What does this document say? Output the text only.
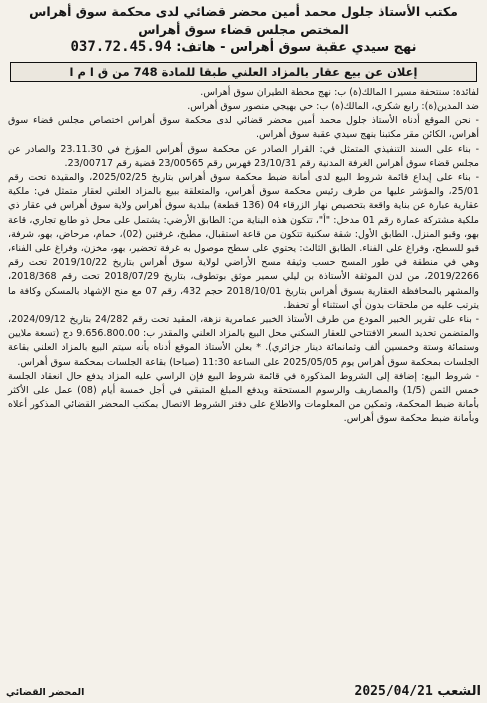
مكتب الأستاذ جلول محمد أمين محضر قضائي لدى محكمة سوق أهراس
المختص مجلس قضاء سوق أهراس
نهج سيدي عقبة سوق أهراس - هاتف: 037.72.45.94
إعلان عن بيع عقار بالمزاد العلني طبقا للمادة 748 من ق ا م ا

لفائدة: سنتحفة مسير ا المالك(ة) ب: نهج محطة الطيران سوق أهراس.

ضد المدين(ة): رابع شكري، المالك(ة) ب: حي بهيجي منصور سوق أهراس.

- نحن الموقع أدناه الأستاذ جلول محمد أمين محضر قضائي لدى محكمة سوق أهراس اختصاص مجلس قضاء سوق أهراس، الكائن مقر مكتبنا بنهج سيدي عقبة سوق أهراس.

- بناء على السند التنفيذي المتمثل في: القرار الصادر عن محكمة سوق أهراس المؤرخ في 23.11.30 والصادر عن مجلس قضاء سوق أهراس الغرفة المدنية رقم 23/10/31 فهرس رقم 23/00565 قضية رقم 23/00717.

- بناء على إيداع قائمة شروط البيع لدى أمانة ضبط محكمة سوق أهراس بتاريخ 2025/02/25، والمقيدة تحت رقم 25/01، والمؤشر عليها من طرف رئيس محكمة سوق أهراس، والمتعلقة ببيع بالمزاد العلني لعقار متمثل في: ملكية عقارية عبارة عن بناية واقعة بتحصيص نهار الزرقاء 04 (136 قطعة) ببلدية سوق أهراس ولاية سوق أهراس في عقار ذي ملكية مشتركة عمارة رقم 01 مدخل: "أ"، تتكون هذه البناية من: الطابق الأرضي: يشتمل على محل ذو طابع تجاري، قاعة بهو، وقبو المنزل. الطابق الأول: شقة سكنية تتكون من قاعة استقبال، مطبخ، غرفتين (02)، حمام، مرحاض، بهو، شرفة، قبو للسطح، وفراغ على الفناء. الطابق الثالث: يحتوي على سطح موصول به غرفة تحضير، بهو، مخزن، وفراغ على الفناء، وهي في منطقة في طور المسح حسب وثيقة مسح الأراضي لولاية سوق أهراس بتاريخ 2019/10/22 تحت رقم 2019/2266، من لدن الموثقة الأستاذة بن ليلي سمير موثق بوتطوف، بتاريخ 2018/07/29 تحت رقم 2018/368، والمشهر بالمحافظة العقارية بسوق أهراس بتاريخ 2018/10/01 حجم 432، رقم 07 مع منح الإشهاد بالمسكن وكافة ما يترتب عليه من ملحقات بدون أي استثناء أو تحفظ.

- بناء على تقرير الخبير المودع من طرف الأستاذ الخبير عمامرية نزهة، المقيد تحت رقم 24/282 بتاريخ 2024/09/12، والمتضمن تحديد السعر الافتتاحي للعقار السكني محل البيع بالمزاد العلني والمقدر ب: 9.656.800.00 دج (تسعة ملايين وستمائة وستة وخمسين ألف وثمانمائة دينار جزائري). * بعلن الأستاذ الموقع أدناه بأنه سيتم البيع بالمزاد العلني بقاعة الجلسات بمحكمة سوق أهراس يوم 2025/05/05 على الساعة 11:30 (صباحا) بقاعة الجلسات بمحكمة سوق أهراس.

- شروط البيع: إضافة إلى الشروط المذكورة في قائمة شروط البيع فإن الراسي عليه المزاد يدفع حال انعقاد الجلسة خمس الثمن (1/5) والمصاريف والرسوم المستحقة ويدفع المبلغ المتبقي في أجل خمسة أيام (08) عمل على الأكثر بأمانة ضبط المحكمة، وتمكين من المعلومات والاطلاع على دفتر الشروط الاتصال بمكتب المحضر القضائي المذكور أعلاه وبأمانة ضبط محكمة سوق أهراس.

الشعب 2025/04/21
المحضر القضائي
